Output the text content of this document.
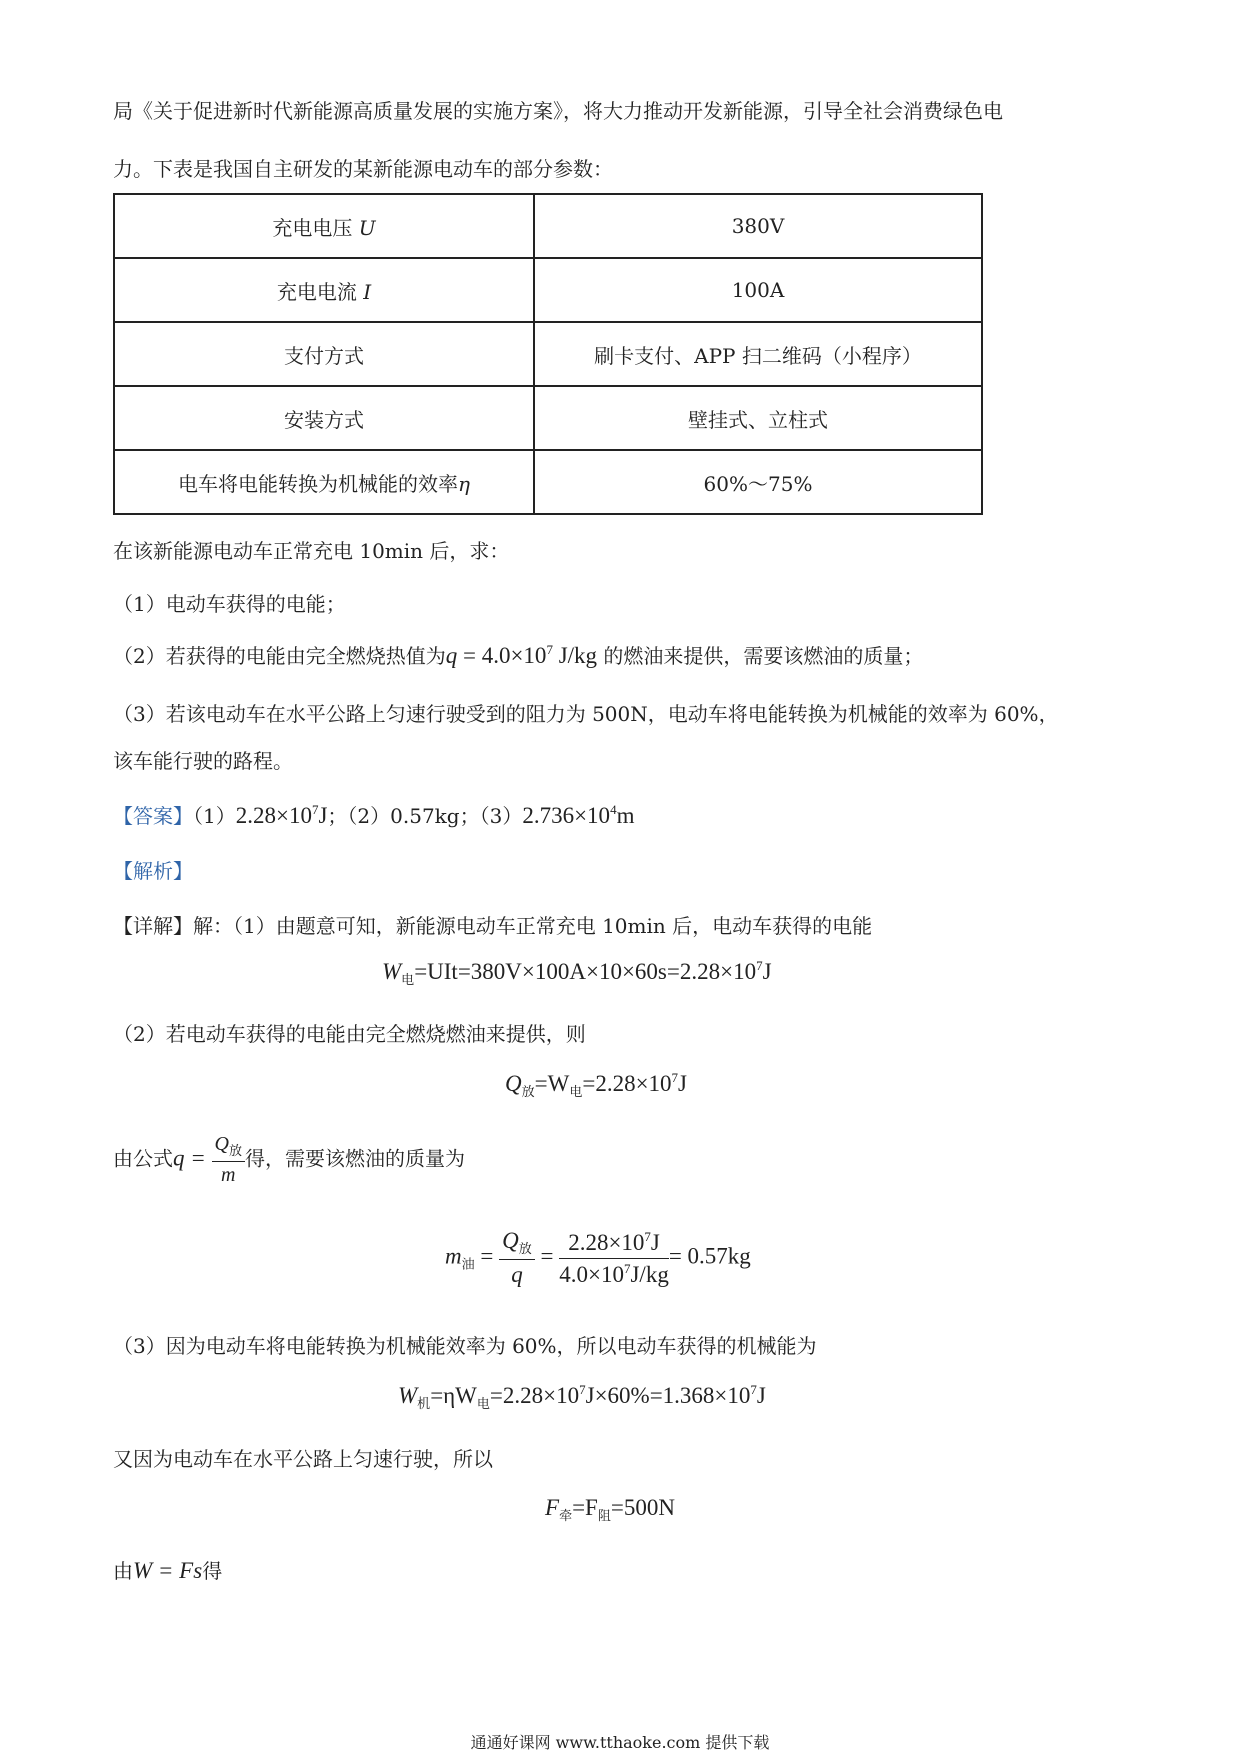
局《关于促进新时代新能源高质量发展的实施方案》，将大力推动开发新能源，引导全社会消费绿色电
力。下表是我国自主研发的某新能源电动车的部分参数：
充电电压 U	380V
充电电流 I	100A
支付方式	刷卡支付、APP 扫二维码（小程序）
安装方式	壁挂式、立柱式
电车将电能转换为机械能的效率η	60%～75%
在该新能源电动车正常充电 10min 后，求：
（1）电动车获得的电能；
（2）若获得的电能由完全燃烧热值为$q = 4.0\times 10^7$ J/kg 的燃油来提供，需要该燃油的质量；
（3）若该电动车在水平公路上匀速行驶受到的阻力为 500N，电动车将电能转换为机械能的效率为 60%，
该车能行驶的路程。
【答案】$(1)2.28\times 10^7J$；（2）0.57kg；$(3)2.736\times 10^4m$
【解析】
【详解】解：（1）由题意可知，新能源电动车正常充电 10min 后，电动车获得的电能
$W_电=UIt=380V\times 100A\times 10\times 60s=2.28\times 10^7J$
（2）若电动车获得的电能由完全燃烧燃油来提供，则
$Q_放=W_电=2.28\times 10^7J$
由公式$q = \frac{Q_放}{m}$ 得，需要该燃油的质量为
$m_油 = \frac{Q_放}{q} = \frac{2.28\times 10^7J}{4.0\times 10^7J/kg} = 0.57kg$
（3）因为电动车将电能转换为机械能效率为 60%，所以电动车获得的机械能为
$W_机=\eta W_电=2.28\times 10^7J\times 60\%=1.368\times 10^7J$
又因为电动车在水平公路上匀速行驶，所以
$F_牵=F_阻=500N$
由W = Fs得
通通好课网 www.tthaoke.com 提供下载
